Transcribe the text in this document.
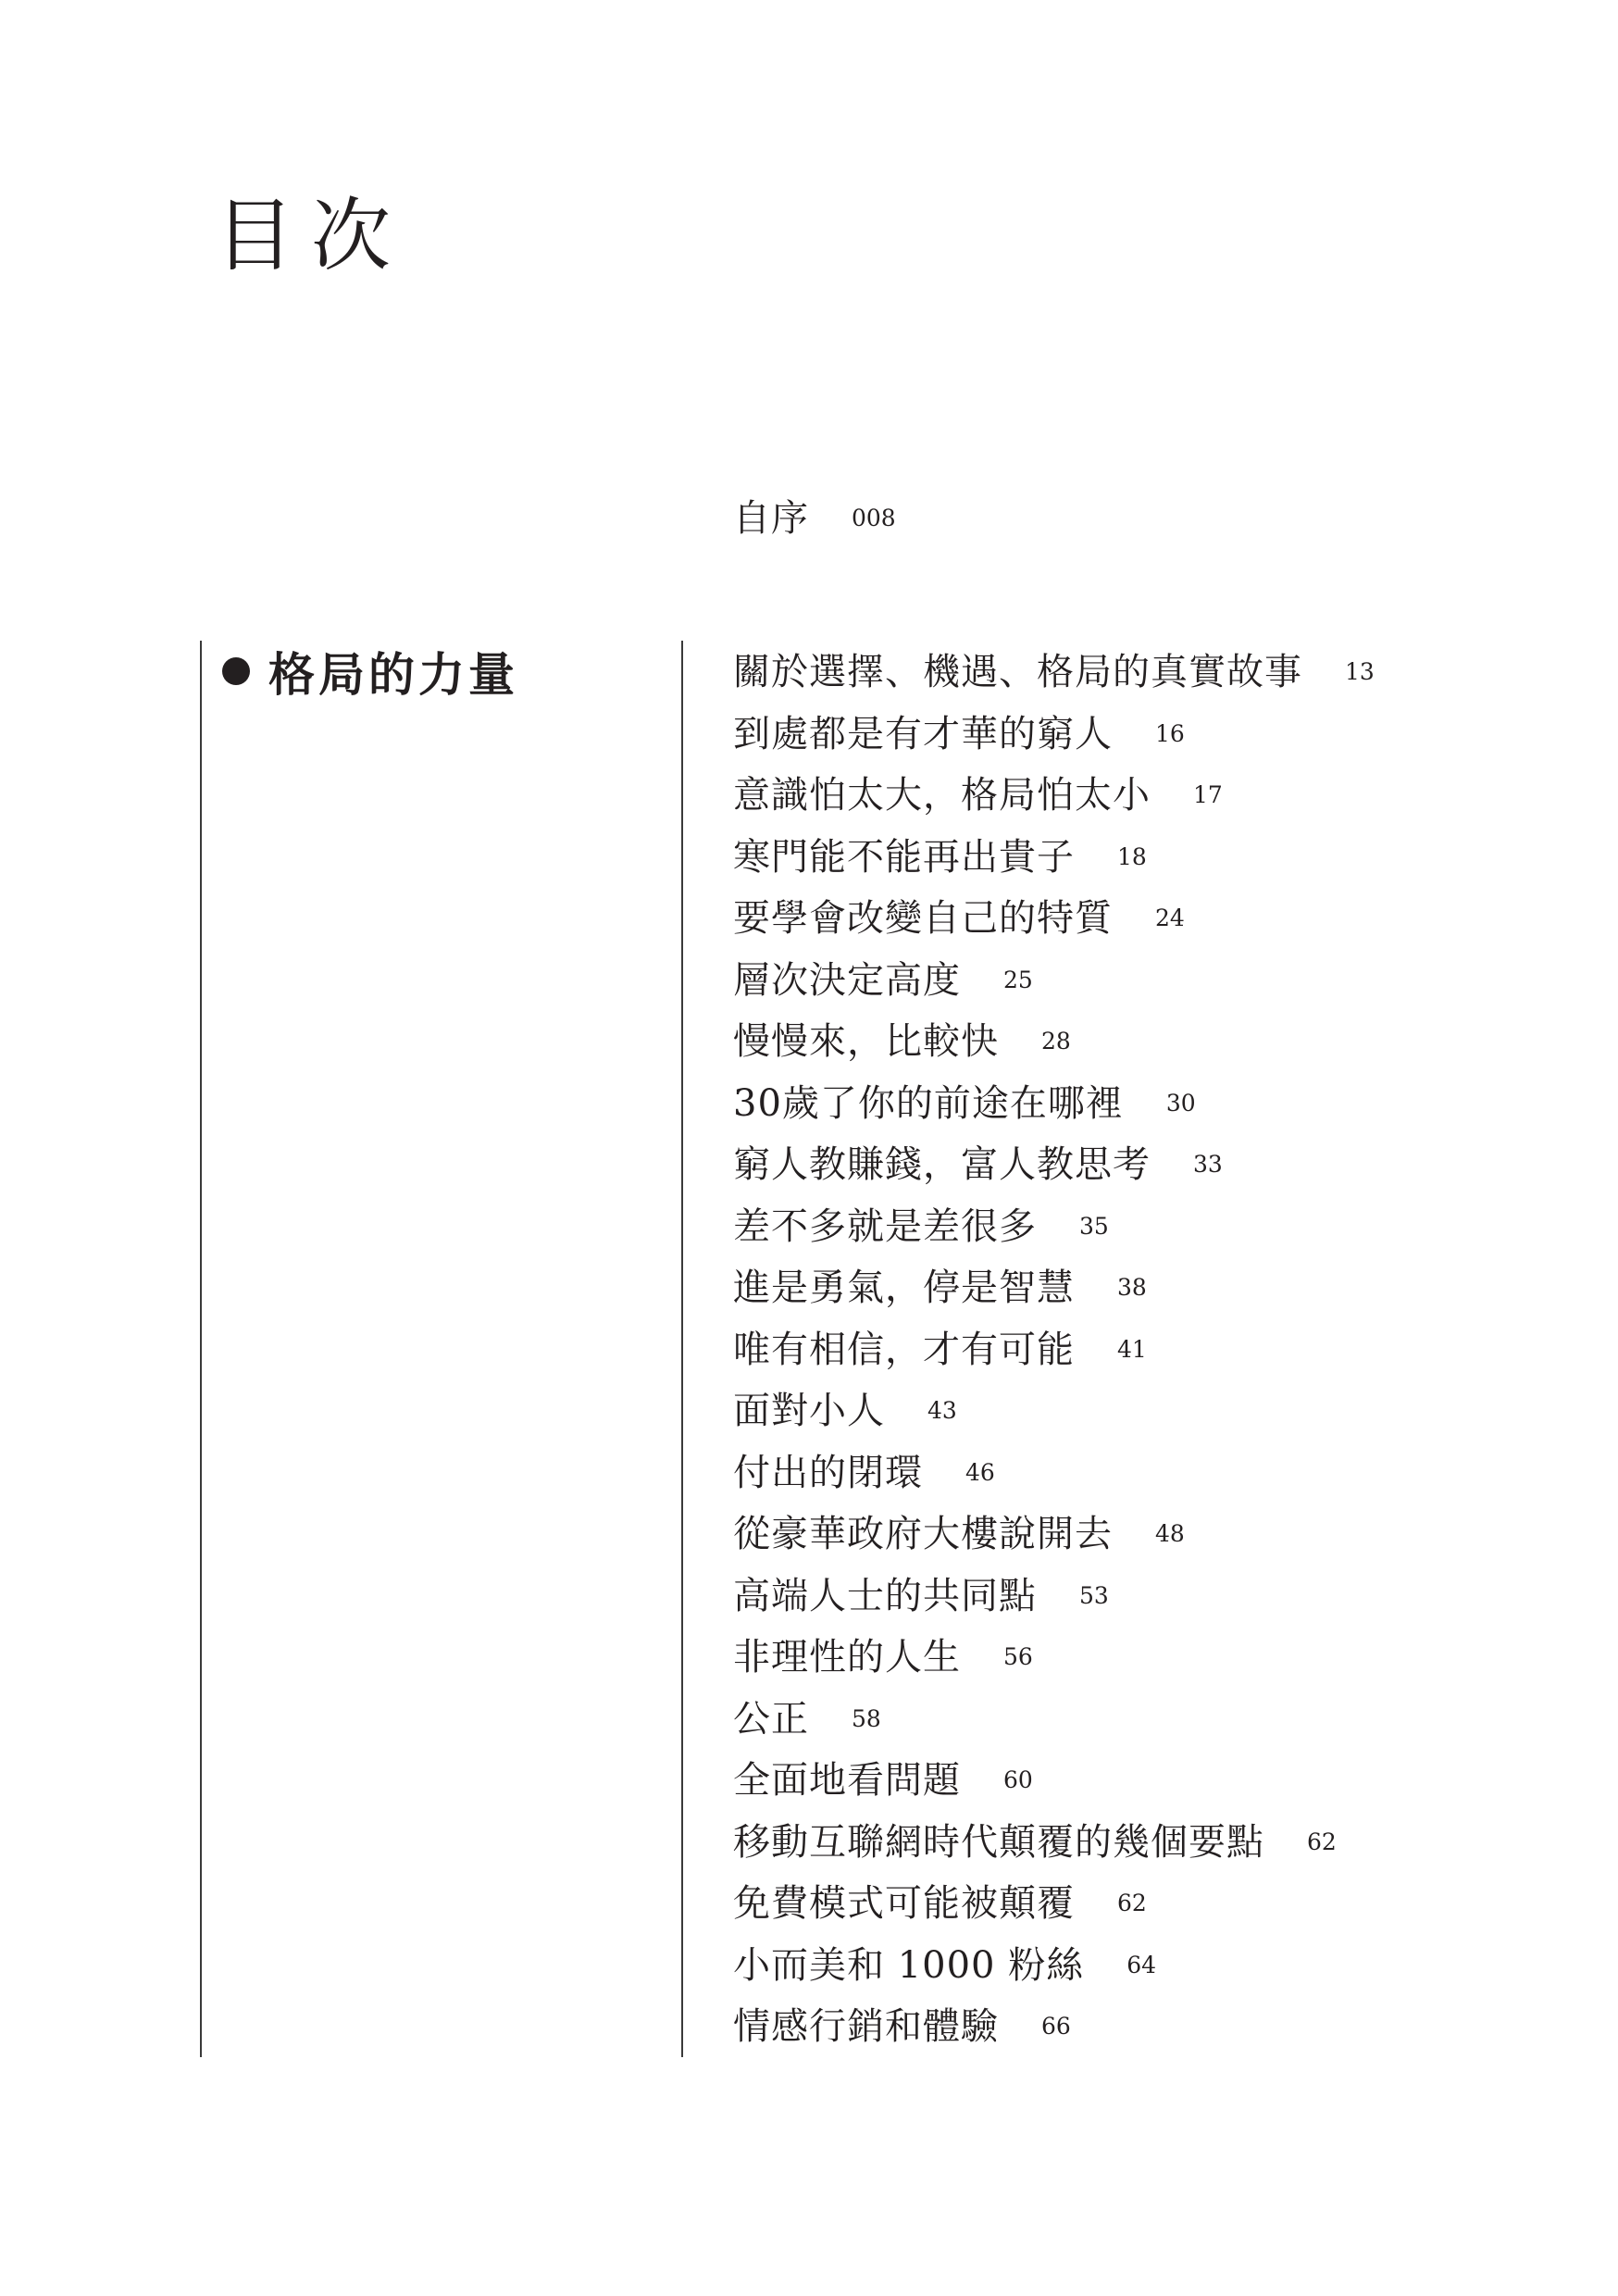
目次
自序 008
格局的力量	關於選擇、機遇、格局的真實故事 13
到處都是有才華的窮人 16
意識怕太大，格局怕太小 17
寒門能不能再出貴子 18
要學會改變自己的特質 24
層次決定高度 25
慢慢來，比較快 28
30歲了你的前途在哪裡 30
窮人教賺錢，富人教思考 33
差不多就是差很多 35
進是勇氣，停是智慧 38
唯有相信，才有可能 41
面對小人 43
付出的閉環 46
從豪華政府大樓說開去 48
高端人士的共同點 53
非理性的人生 56
公正 58
全面地看問題 60
移動互聯網時代顛覆的幾個要點 62
免費模式可能被顛覆 62
小而美和 1000 粉絲 64
情感行銷和體驗 66
